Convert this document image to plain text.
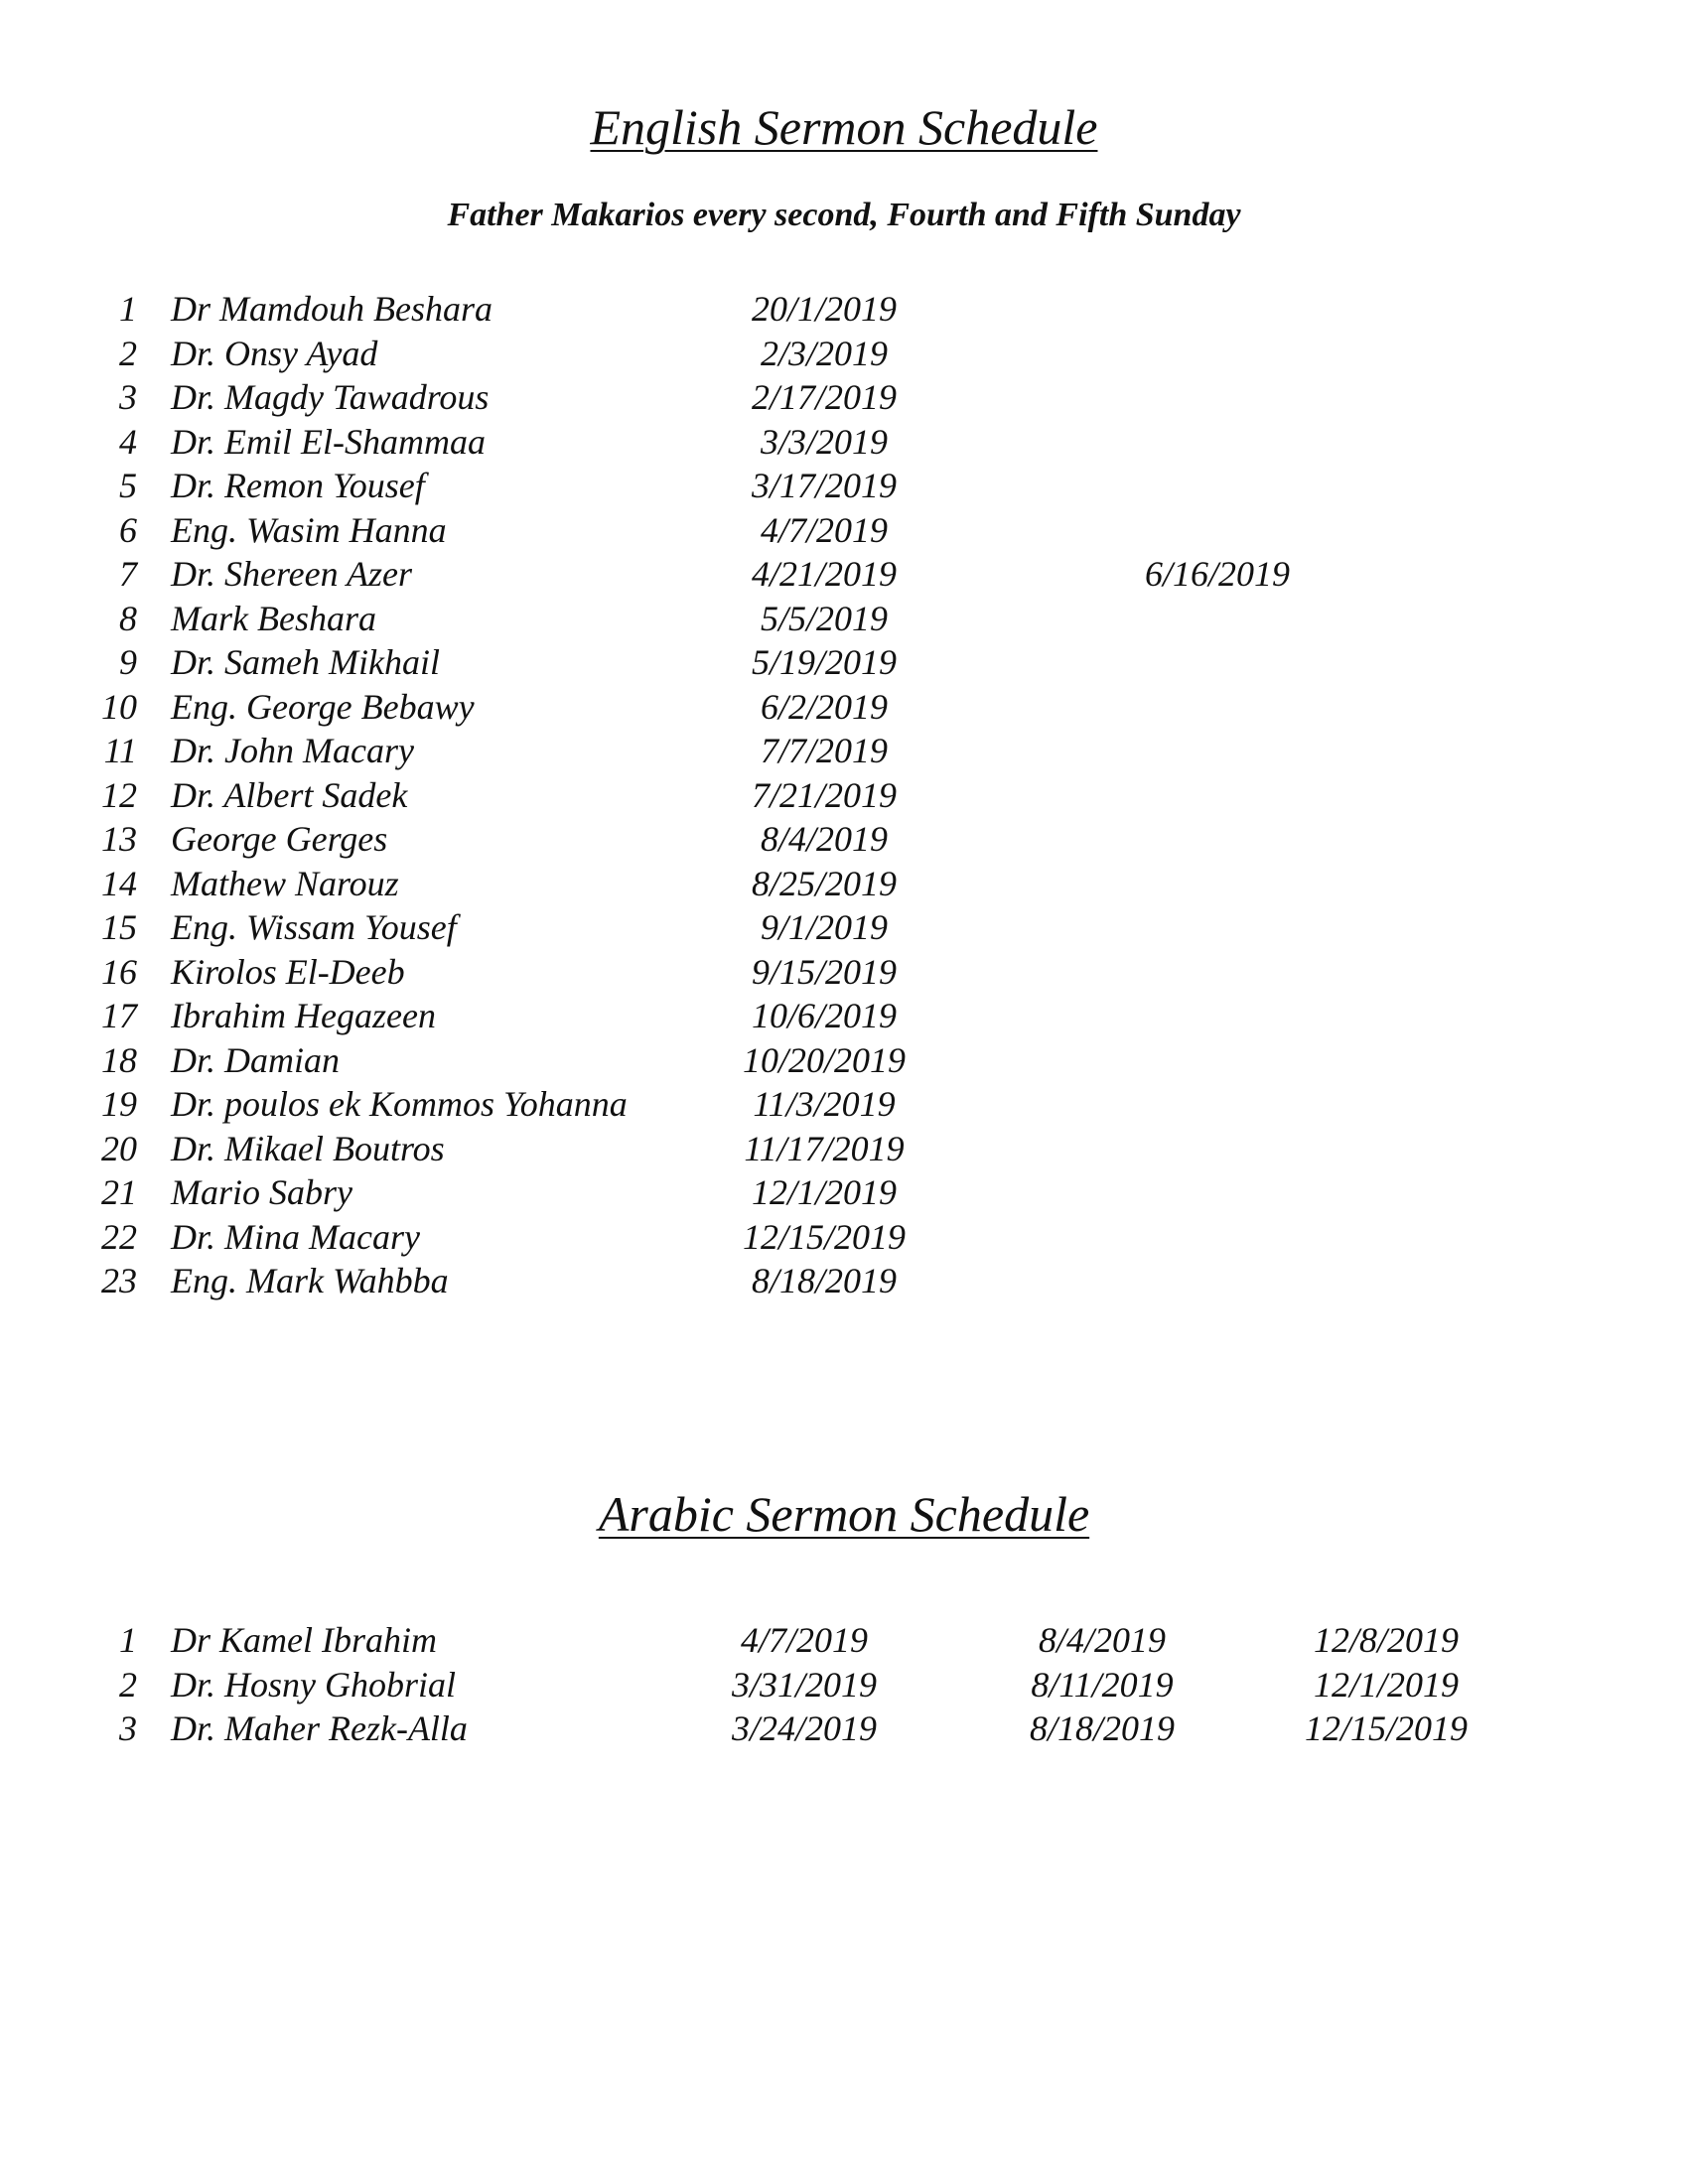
English Sermon Schedule
Father Makarios every second, Fourth and Fifth Sunday
1 Dr Mamdouh Beshara	20/1/2019
2 Dr. Onsy Ayad	2/3/2019
3 Dr. Magdy Tawadrous	2/17/2019
4 Dr. Emil El-Shammaa	3/3/2019
5 Dr. Remon Yousef	3/17/2019
6 Eng. Wasim Hanna	4/7/2019
7 Dr. Shereen Azer	4/21/2019	6/16/2019
8 Mark Beshara	5/5/2019
9 Dr. Sameh Mikhail	5/19/2019
10 Eng. George Bebawy	6/2/2019
11 Dr. John Macary	7/7/2019
12 Dr. Albert Sadek	7/21/2019
13 George Gerges	8/4/2019
14 Mathew Narouz	8/25/2019
15 Eng. Wissam Yousef	9/1/2019
16 Kirolos El-Deeb	9/15/2019
17 Ibrahim Hegazeen	10/6/2019
18 Dr. Damian	10/20/2019
19 Dr. poulos ek Kommos Yohanna	11/3/2019
20 Dr. Mikael Boutros	11/17/2019
21 Mario Sabry	12/1/2019
22 Dr. Mina Macary	12/15/2019
23 Eng. Mark Wahbba	8/18/2019
Arabic Sermon Schedule
1 Dr Kamel Ibrahim	4/7/2019	8/4/2019	12/8/2019
2 Dr. Hosny Ghobrial	3/31/2019	8/11/2019	12/1/2019
3 Dr. Maher Rezk-Alla	3/24/2019	8/18/2019	12/15/2019
